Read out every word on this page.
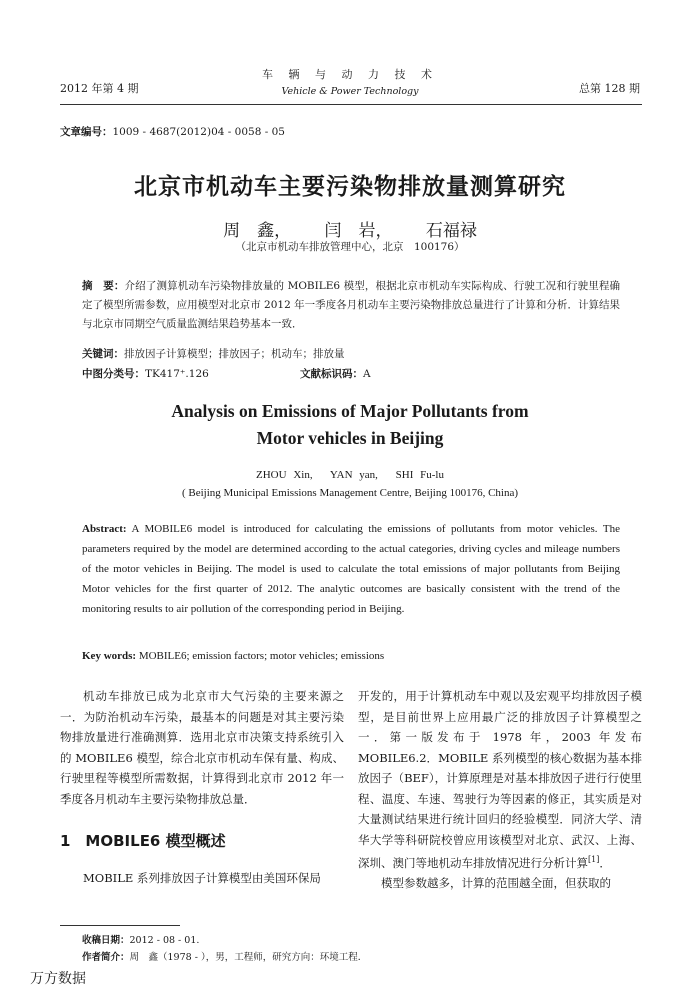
2012 年第 4 期
车 辆 与 动 力 技 术
Vehicle & Power Technology	总第 128 期
文章编号：1009 - 4687(2012)04 - 0058 - 05
北京市机动车主要污染物排放量测算研究
周　鑫， 闫　岩， 石福禄
（北京市机动车排放管理中心，北京　100176）
摘　要：介绍了测算机动车污染物排放量的 MOBILE6 模型，根据北京市机动车实际构成、行驶工况和行驶里程确定了模型所需参数，应用模型对北京市 2012 年一季度各月机动车主要污染物排放总量进行了计算和分析．计算结果与北京市同期空气质量监测结果趋势基本一致．
关键词：排放因子计算模型；排放因子；机动车；排放量
中图分类号：TK417⁺.126	文献标识码：A
Analysis on Emissions of Major Pollutants from
Motor vehicles in Beijing
ZHOU Xin,　 YAN yan,　 SHI Fu-lu
( Beijing Municipal Emissions Management Centre, Beijing 100176, China)
Abstract: A MOBILE6 model is introduced for calculating the emissions of pollutants from motor vehicles. The parameters required by the model are determined according to the actual categories, driving cycles and mileage numbers of the motor vehicles in Beijing. The model is used to calculate the total emissions of major pollutants from Beijing Motor vehicles for the first quarter of 2012. The analytic outcomes are basically consistent with the trend of the monitoring results to air pollution of the corresponding period in Beijing.
Key words: MOBILE6; emission factors; motor vehicles; emissions

机动车排放已成为北京市大气污染的主要来源之一．为防治机动车污染，最基本的问题是对其主要污染物排放量进行准确测算．选用北京市决策支持系统引入的 MOBILE6 模型，综合北京市机动车保有量、构成、行驶里程等模型所需数据，计算得到北京市 2012 年一季度各月机动车主要污染物排放总量．

1　MOBILE6 模型概述

MOBILE 系列排放因子计算模型由美国环保局

开发的，用于计算机动车中观以及宏观平均排放因子模型，是目前世界上应用最广泛的排放因子计算模型之一．第一版发布于 1978 年，2003 年发布 MOBILE6.2．MOBILE 系列模型的核心数据为基本排放因子（BEF），计算原理是对基本排放因子进行行使里程、温度、车速、驾驶行为等因素的修正，其实质是对大量测试结果进行统计回归的经验模型．同济大学、清华大学等科研院校曾应用该模型对北京、武汉、上海、深圳、澳门等地机动车排放情况进行分析计算[1]．

模型参数越多，计算的范围越全面，但获取的

收稿日期：2012 - 08 - 01.
作者简介：周　鑫（1978 - ），男，工程师，研究方向：环境工程．
万方数据
